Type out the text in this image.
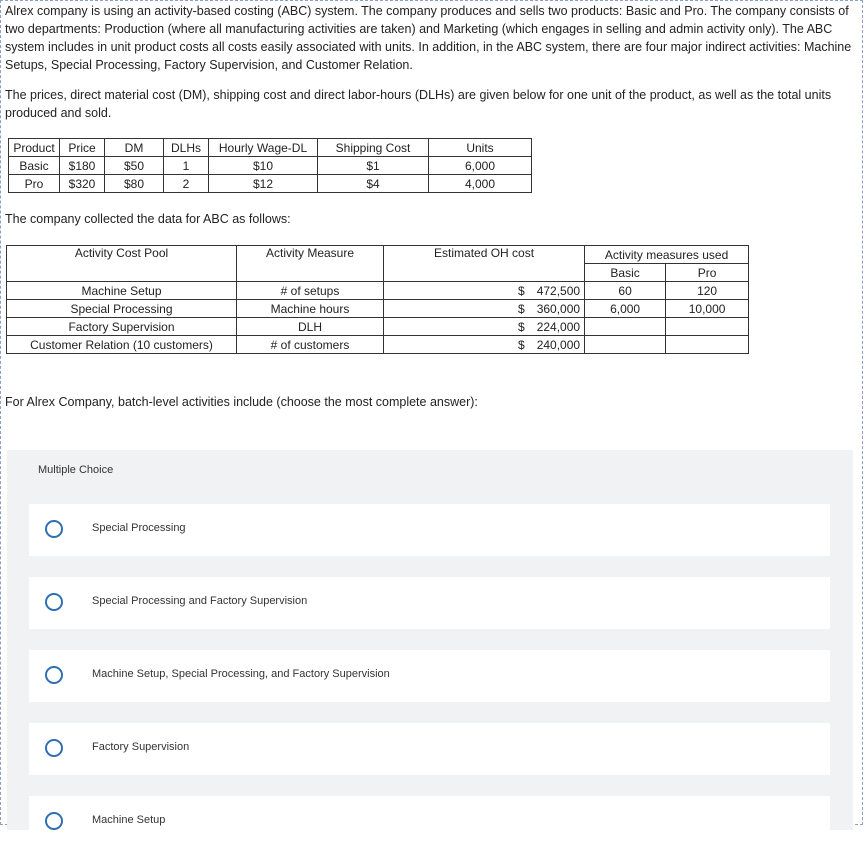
Alrex company is using an activity-based costing (ABC) system. The company produces and sells two products: Basic and Pro. The company consists of two departments: Production (where all manufacturing activities are taken) and Marketing (which engages in selling and admin activity only). The ABC system includes in unit product costs all costs easily associated with units. In addition, in the ABC system, there are four major indirect activities: Machine Setups, Special Processing, Factory Supervision, and Customer Relation.

The prices, direct material cost (DM), shipping cost and direct labor-hours (DLHs) are given below for one unit of the product, as well as the total units produced and sold.

Product	Price	DM	DLHs	Hourly Wage-DL	Shipping Cost	Units
Basic	$180	$50	1	$10	$1	6,000
Pro	$320	$80	2	$12	$4	4,000

The company collected the data for ABC as follows:

Activity Cost Pool	Activity Measure	Estimated OH cost	Activity measures used	
			Basic	Pro
Machine Setup	# of setups	$ 472,500	60	120
Special Processing	Machine hours	$ 360,000	6,000	10,000
Factory Supervision	DLH	$ 224,000		
Customer Relation (10 customers)	# of customers	$ 240,000		

For Alrex Company, batch-level activities include (choose the most complete answer):

Multiple Choice
Special Processing
Special Processing and Factory Supervision
Machine Setup, Special Processing, and Factory Supervision
Factory Supervision
Machine Setup
